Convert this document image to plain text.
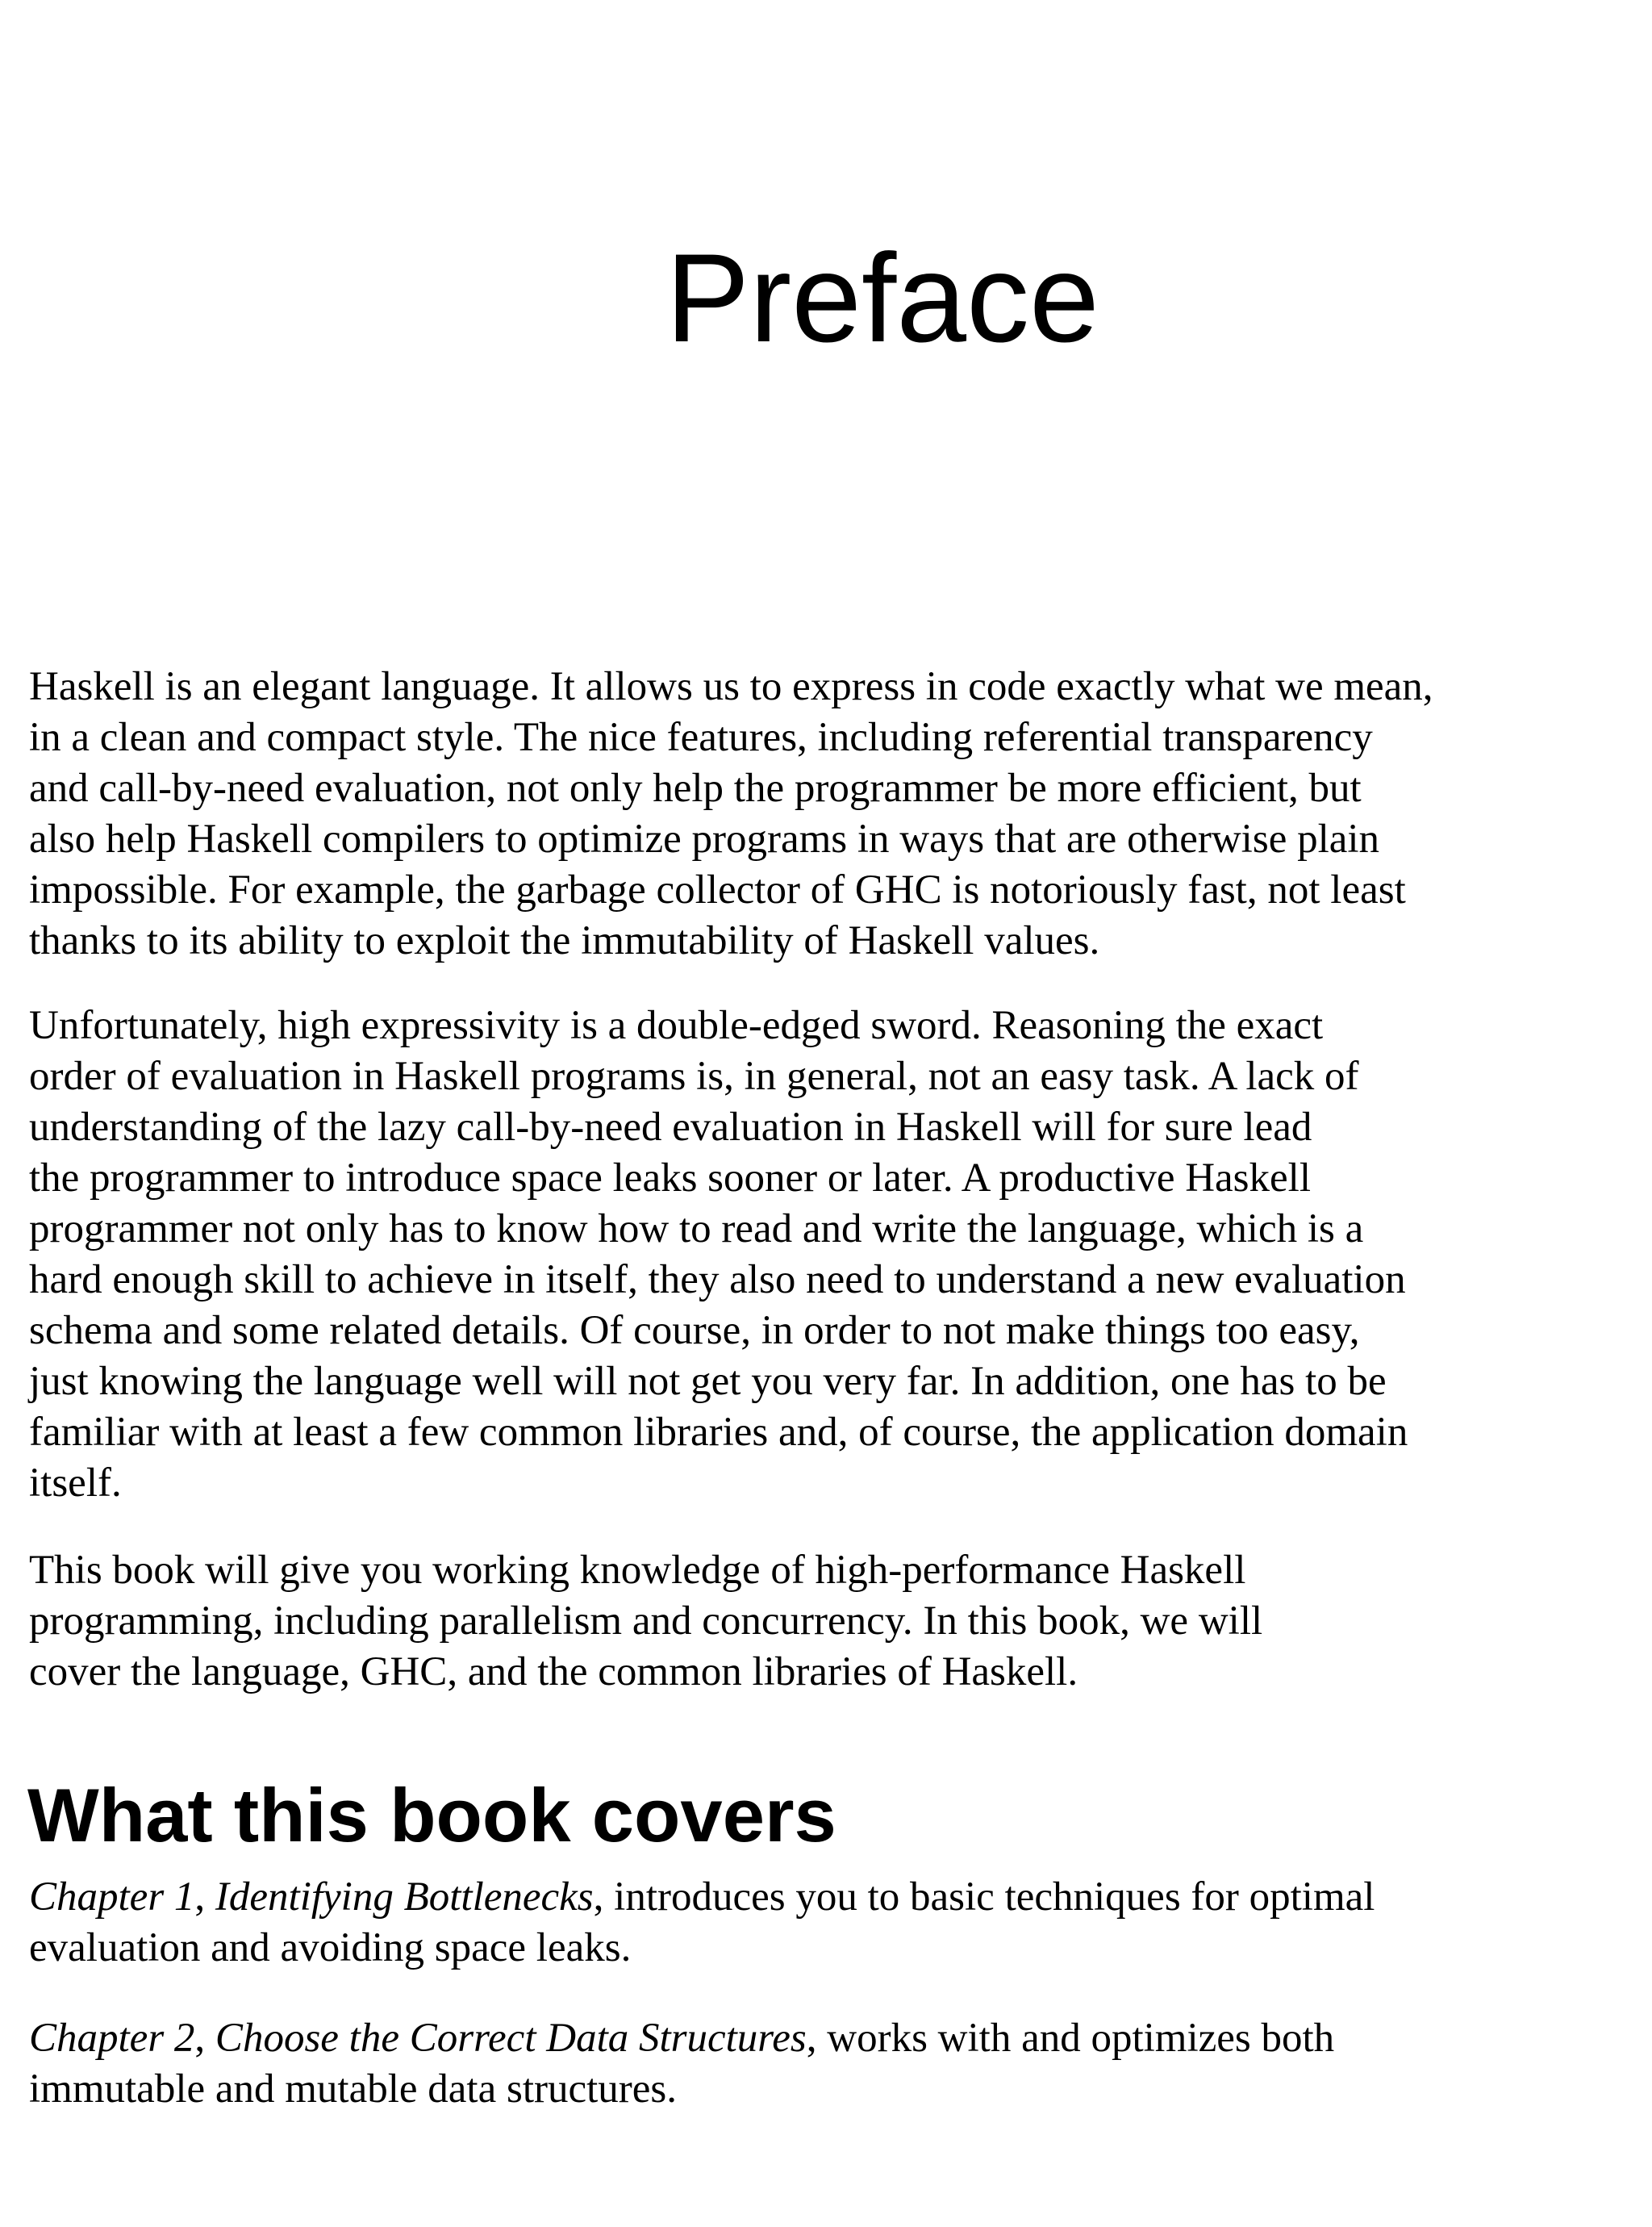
Preface

Haskell is an elegant language. It allows us to express in code exactly what we mean,
in a clean and compact style. The nice features, including referential transparency
and call-by-need evaluation, not only help the programmer be more efficient, but
also help Haskell compilers to optimize programs in ways that are otherwise plain
impossible. For example, the garbage collector of GHC is notoriously fast, not least
thanks to its ability to exploit the immutability of Haskell values.

Unfortunately, high expressivity is a double-edged sword. Reasoning the exact
order of evaluation in Haskell programs is, in general, not an easy task. A lack of
understanding of the lazy call-by-need evaluation in Haskell will for sure lead
the programmer to introduce space leaks sooner or later. A productive Haskell
programmer not only has to know how to read and write the language, which is a
hard enough skill to achieve in itself, they also need to understand a new evaluation
schema and some related details. Of course, in order to not make things too easy,
just knowing the language well will not get you very far. In addition, one has to be
familiar with at least a few common libraries and, of course, the application domain
itself.

This book will give you working knowledge of high-performance Haskell
programming, including parallelism and concurrency. In this book, we will
cover the language, GHC, and the common libraries of Haskell.

What this book covers

Chapter 1, Identifying Bottlenecks, introduces you to basic techniques for optimal
evaluation and avoiding space leaks.

Chapter 2, Choose the Correct Data Structures, works with and optimizes both
immutable and mutable data structures.
